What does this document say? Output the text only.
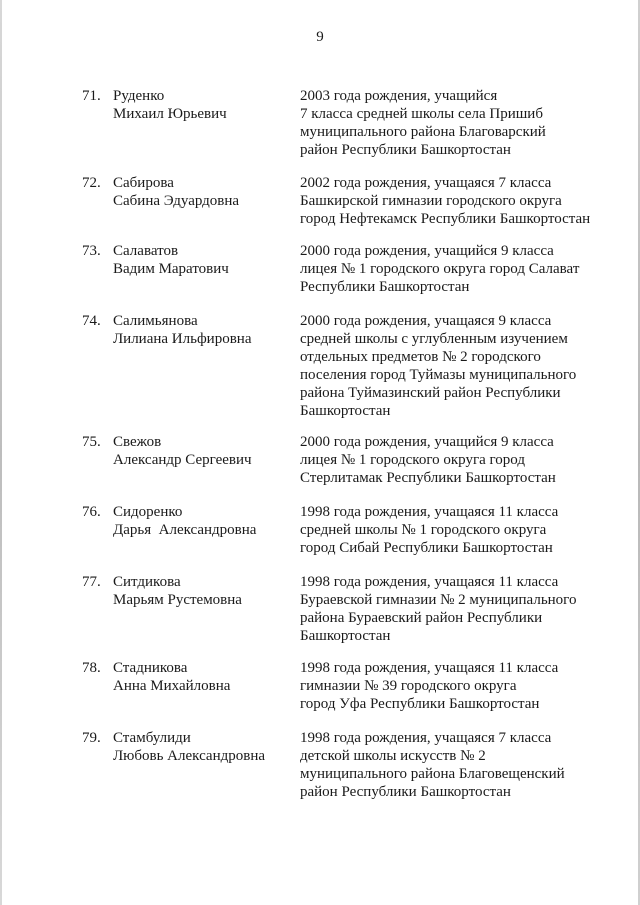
9
71. Руденко
Михаил Юрьевич
2003 года рождения, учащийся
7 класса средней школы села Пришиб
муниципального района Благоварский
район Республики Башкортостан
72. Сабирова
Сабина Эдуардовна
2002 года рождения, учащаяся 7 класса
Башкирской гимназии городского округа
город Нефтекамск Республики Башкортостан
73. Салаватов
Вадим Маратович
2000 года рождения, учащийся 9 класса
лицея № 1 городского округа город Салават
Республики Башкортостан
74. Салимьянова
Лилиана Ильфировна
2000 года рождения, учащаяся 9 класса
средней школы с углубленным изучением
отдельных предметов № 2 городского
поселения город Туймазы муниципального
района Туймазинский район Республики
Башкортостан
75. Свежов
Александр Сергеевич
2000 года рождения, учащийся 9 класса
лицея № 1 городского округа город
Стерлитамак Республики Башкортостан
76. Сидоренко
Дарья  Александровна
1998 года рождения, учащаяся 11 класса
средней школы № 1 городского округа
город Сибай Республики Башкортостан
77. Ситдикова
Марьям Рустемовна
1998 года рождения, учащаяся 11 класса
Бураевской гимназии № 2 муниципального
района Бураевский район Республики
Башкортостан
78. Стадникова
Анна Михайловна
1998 года рождения, учащаяся 11 класса
гимназии № 39 городского округа
город Уфа Республики Башкортостан
79. Стамбулиди
Любовь Александровна
1998 года рождения, учащаяся 7 класса
детской школы искусств № 2
муниципального района Благовещенский
район Республики Башкортостан
